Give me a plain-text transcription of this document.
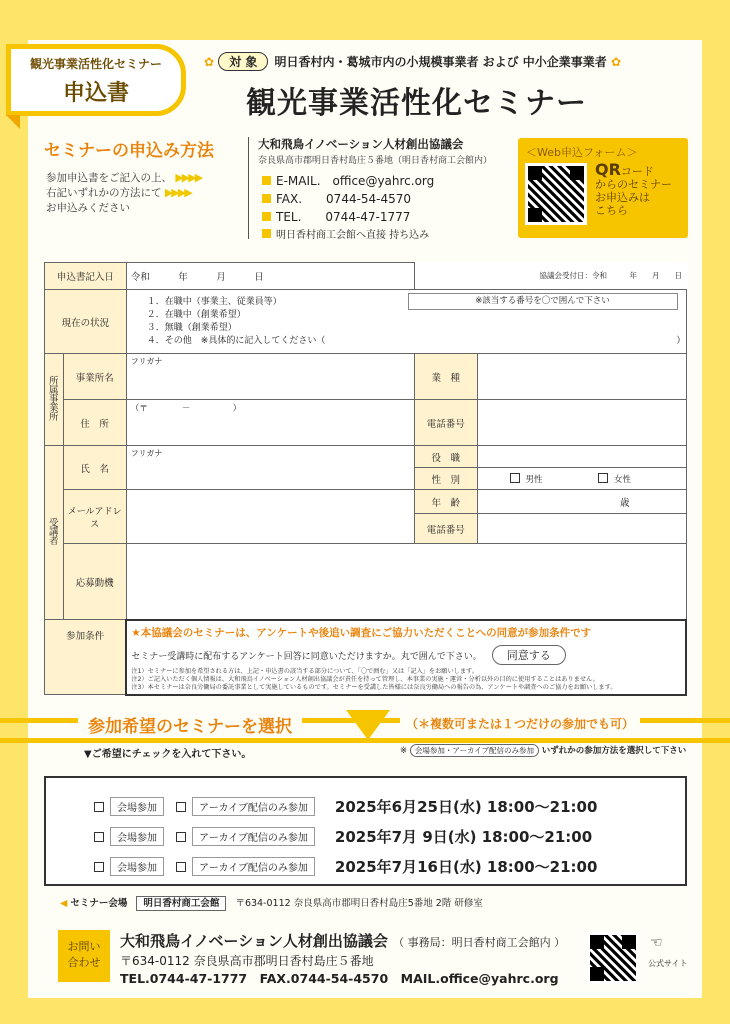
観光事業活性化セミナー
申込書
✿ 対 象 明日香村内・葛城市内の小規模事業者 および 中小企業事業者 ✿
観光事業活性化セミナー
セミナーの申込み方法
参加申込書をご記入の上、 ▶▶▶▶
右記いずれかの方法にて ▶▶▶▶
お申込みください
大和飛鳥イノベーション人材創出協議会
奈良県高市郡明日香村島庄５番地（明日香村商工会館内）
E-MAIL.　office@yahrc.org
FAX.　　0744-54-4570
TEL.　　0744-47-1777
明日香村商工会館へ直接 持ち込み
＜Web申込フォーム＞
QRコード
からのセミナー
お申込みは
こちら
申込書記入日		令和　　　年　　　月　　　日	協議会受付日：令和　　　年　　月　　日	
現在の状況		１．在職中（事業主、従業員等）
２．在職中（創業希望）
３．無職（創業希望）
４．その他　※具体的に記入してください（　　　　　　　　　　　　　　　　　　　　　　　　　　　　　　　　　　　　　　　）
※該当する番号を〇で囲んで下さい		

所属事業所	事業所名	フリガナ	業　種	
	住　所	（〒　　　　－　　　　　）	電話番号	
受講者	氏　名	フリガナ	役　職	
			性　別	男性 女性
	メールアドレス		年　齢	歳
			電話番号	
	応募動機			
参加条件		★本協議会のセミナーは、アンケートや後追い調査にご協力いただくことへの同意が参加条件です
セミナー受講時に配布するアンケート回答に同意いただけますか。丸で囲んで下さい。 同意する
注1）セミナーに参加を希望される方は、上記・申込書の該当する部分について、「〇で囲む」又は「記入」をお願いします。
注2）ご記入いただく個人情報は、大和飛鳥イノベーション人材創出協議会が責任を持って管理し、本事業の実施・運営・分析以外の目的に使用することはありません。
注3）本セミナーは奈良労働局の委託事業として実施しているものです。セミナーを受講した皆様には奈良労働局への報告の為、アンケートや調査へのご協力をお願いします。		
参加希望のセミナーを選択	（＊複数可または１つだけの参加でも可）
▼ご希望にチェックを入れて下さい。	※ 会場参加・アーカイブ配信のみ参加 いずれかの参加方法を選択して下さい
会場参加	アーカイブ配信のみ参加	2025年6月25日(水) 18:00～21:00
会場参加	アーカイブ配信のみ参加	2025年7月 9日(水) 18:00～21:00
会場参加	アーカイブ配信のみ参加	2025年7月16日(水) 18:00～21:00
◀ セミナー会場 明日香村商工会館 〒634-0112 奈良県高市郡明日香村島庄5番地 2階 研修室
お問い
合わせ
大和飛鳥イノベーション人材創出協議会 （ 事務局：明日香村商工会館内 ）
〒634-0112 奈良県高市郡明日香村島庄５番地
TEL.0744-47-1777　FAX.0744-54-4570　MAIL.office@yahrc.org
☜
公式サイト
